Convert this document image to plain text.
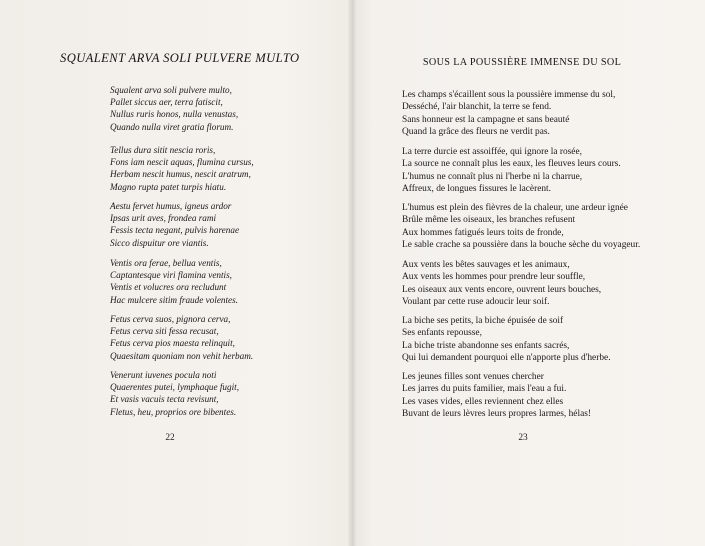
SQUALENT ARVA SOLI PULVERE MULTO
Squalent arva soli pulvere multo,
Pallet siccus aer, terra fatiscit,
Nullus ruris honos, nulla venustas,
Quando nulla viret gratia florum.
Tellus dura sitit nescia roris,
Fons iam nescit aquas, flumina cursus,
Herbam nescit humus, nescit aratrum,
Magno rupta patet turpis hiatu.
Aestu fervet humus, igneus ardor
Ipsas urit aves, frondea rami
Fessis tecta negant, pulvis harenae
Sicco dispuitur ore viantis.
Ventis ora ferae, bellua ventis,
Captantesque viri flamina ventis,
Ventis et volucres ora recludunt
Hac mulcere sitim fraude volentes.
Fetus cerva suos, pignora cerva,
Fetus cerva siti fessa recusat,
Fetus cerva pios maesta relinquit,
Quaesitam quoniam non vehit herbam.
Venerunt iuvenes pocula noti
Quaerentes putei, lymphaque fugit,
Et vasis vacuis tecta revisunt,
Fletus, heu, proprios ore bibentes.
22
SOUS LA POUSSIÈRE IMMENSE DU SOL
Les champs s'écaillent sous la poussière immense du sol,
Desséché, l'air blanchit, la terre se fend.
Sans honneur est la campagne et sans beauté
Quand la grâce des fleurs ne verdit pas.
La terre durcie est assoiffée, qui ignore la rosée,
La source ne connaît plus les eaux, les fleuves leurs cours.
L'humus ne connaît plus ni l'herbe ni la charrue,
Affreux, de longues fissures le lacèrent.
L'humus est plein des fièvres de la chaleur, une ardeur ignée
Brûle même les oiseaux, les branches refusent
Aux hommes fatigués leurs toits de fronde,
Le sable crache sa poussière dans la bouche sèche du voyageur.
Aux vents les bêtes sauvages et les animaux,
Aux vents les hommes pour prendre leur souffle,
Les oiseaux aux vents encore, ouvrent leurs bouches,
Voulant par cette ruse adoucir leur soif.
La biche ses petits, la biche épuisée de soif
Ses enfants repousse,
La biche triste abandonne ses enfants sacrés,
Qui lui demandent pourquoi elle n'apporte plus d'herbe.
Les jeunes filles sont venues chercher
Les jarres du puits familier, mais l'eau a fui.
Les vases vides, elles reviennent chez elles
Buvant de leurs lèvres leurs propres larmes, hélas!
23
